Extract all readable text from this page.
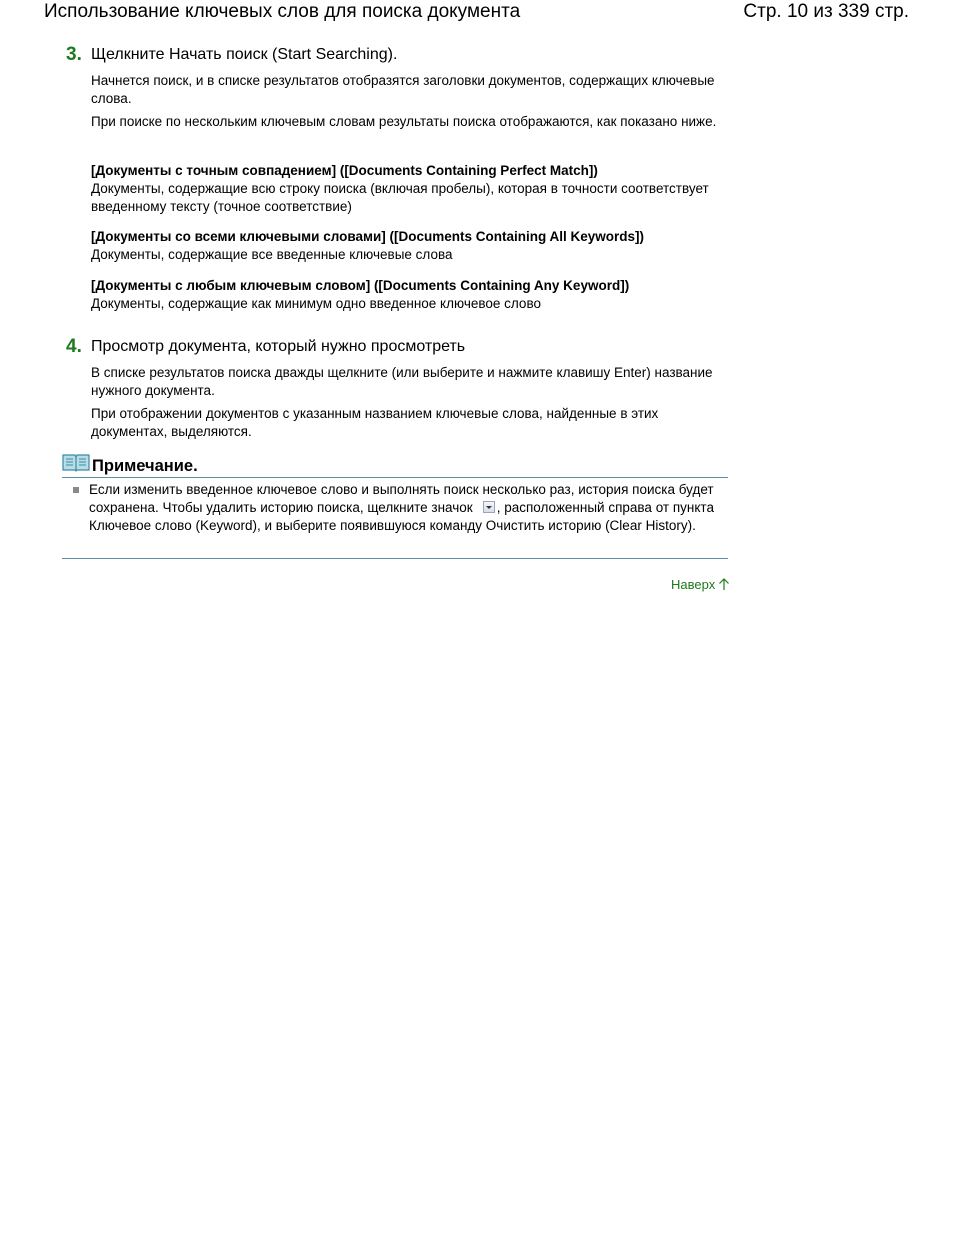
Использование ключевых слов для поиска документа	Стр. 10 из 339 стр.
3. Щелкните Начать поиск (Start Searching).
Начнется поиск, и в списке результатов отобразятся заголовки документов, содержащих ключевые слова.
При поиске по нескольким ключевым словам результаты поиска отображаются, как показано ниже.
[Документы с точным совпадением] ([Documents Containing Perfect Match])
Документы, содержащие всю строку поиска (включая пробелы), которая в точности соответствует введенному тексту (точное соответствие)
[Документы со всеми ключевыми словами] ([Documents Containing All Keywords])
Документы, содержащие все введенные ключевые слова
[Документы с любым ключевым словом] ([Documents Containing Any Keyword])
Документы, содержащие как минимум одно введенное ключевое слово
4. Просмотр документа, который нужно просмотреть
В списке результатов поиска дважды щелкните (или выберите и нажмите клавишу Enter) название нужного документа.
При отображении документов с указанным названием ключевые слова, найденные в этих документах, выделяются.
Примечание.
Если изменить введенное ключевое слово и выполнять поиск несколько раз, история поиска будет сохранена. Чтобы удалить историю поиска, щелкните значок , расположенный справа от пункта Ключевое слово (Keyword), и выберите появившуюся команду Очистить историю (Clear History).
Наверх
